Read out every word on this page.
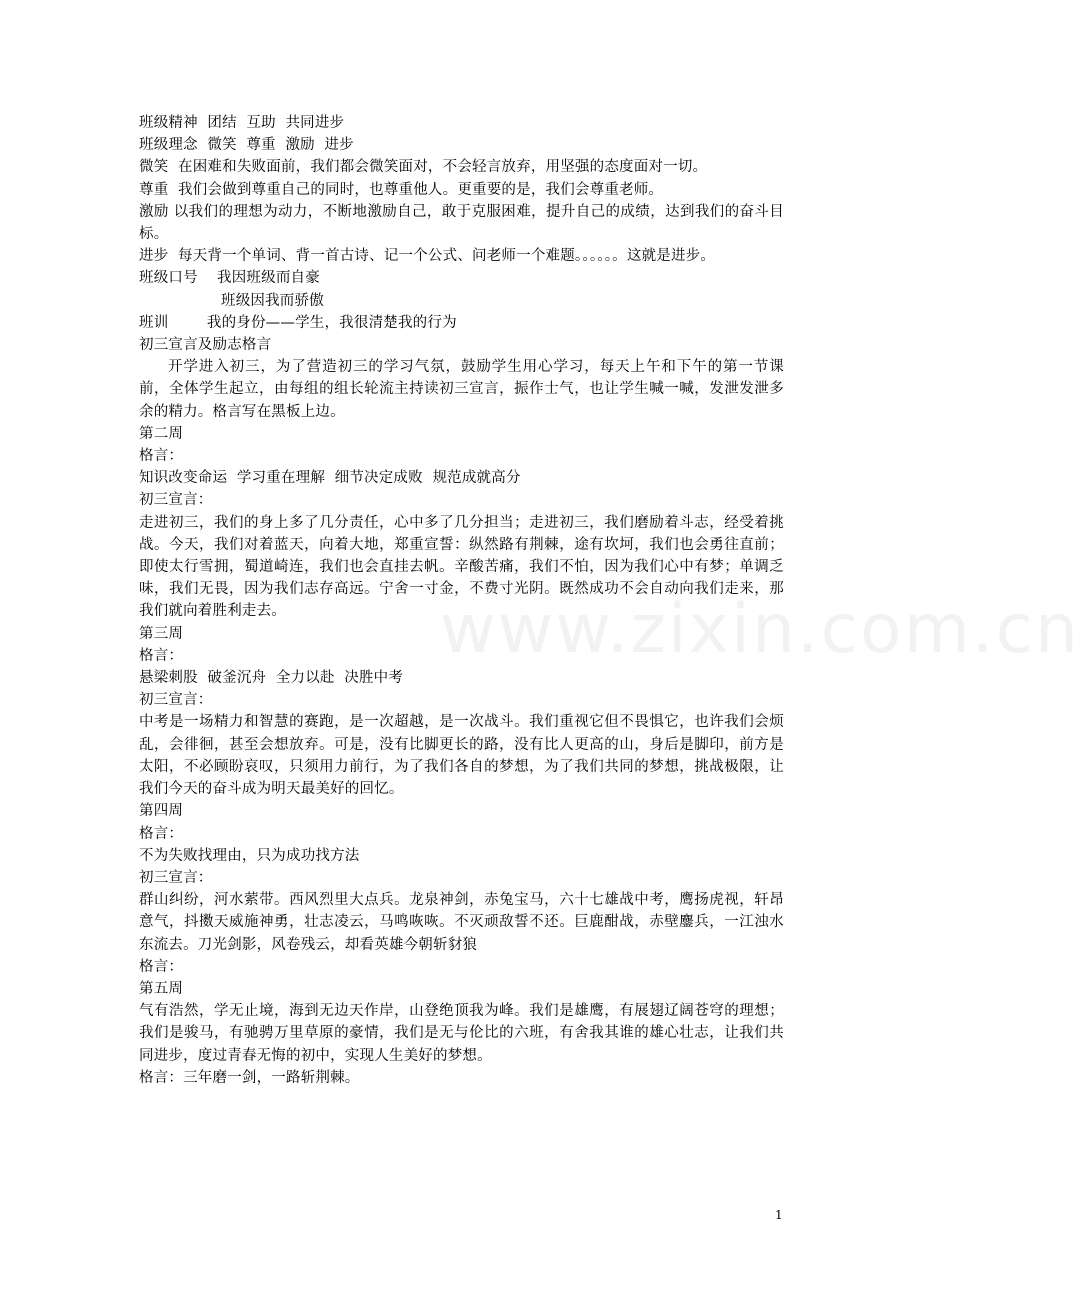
www.zixin.com.cn
班级精神  团结  互助  共同进步
班级理念  微笑  尊重  激励  进步
微笑  在困难和失败面前，我们都会微笑面对，不会轻言放弃，用坚强的态度面对一切。
尊重  我们会做到尊重自己的同时，也尊重他人。更重要的是，我们会尊重老师。
激励 以我们的理想为动力，不断地激励自己，敢于克服困难，提升自己的成绩，达到我们的奋斗目标。
进步  每天背一个单词、背一首古诗、记一个公式、问老师一个难题。。。。。。这就是进步。
班级口号    我因班级而自豪
班级因我而骄傲
班训        我的身份——学生，我很清楚我的行为
初三宣言及励志格言
开学进入初三，为了营造初三的学习气氛，鼓励学生用心学习，每天上午和下午的第一节课前，全体学生起立，由每组的组长轮流主持读初三宣言，振作士气，也让学生喊一喊，发泄发泄多余的精力。格言写在黑板上边。
第二周
格言：
知识改变命运  学习重在理解  细节决定成败  规范成就高分
初三宣言：
走进初三，我们的身上多了几分责任，心中多了几分担当；走进初三，我们磨励着斗志，经受着挑战。今天，我们对着蓝天，向着大地，郑重宣誓：纵然路有荆棘，途有坎坷，我们也会勇往直前；即使太行雪拥，蜀道崎连，我们也会直挂去帆。辛酸苦痛，我们不怕，因为我们心中有梦；单调乏味，我们无畏，因为我们志存高远。宁舍一寸金，不费寸光阴。既然成功不会自动向我们走来，那我们就向着胜利走去。
第三周
格言：
悬梁刺股  破釜沉舟  全力以赴  决胜中考
初三宣言：
中考是一场精力和智慧的赛跑，是一次超越，是一次战斗。我们重视它但不畏惧它，也许我们会烦乱，会徘徊，甚至会想放弃。可是，没有比脚更长的路，没有比人更高的山，身后是脚印，前方是太阳，不必顾盼哀叹，只须用力前行，为了我们各自的梦想，为了我们共同的梦想，挑战极限，让我们今天的奋斗成为明天最美好的回忆。
第四周
格言：
不为失败找理由，只为成功找方法
初三宣言：
群山纠纷，河水萦带。西风烈里大点兵。龙泉神剑，赤兔宝马，六十七雄战中考，鹰扬虎视，轩昂意气，抖擞天威施神勇，壮志凌云，马鸣咴咴。不灭顽敌誓不还。巨鹿酣战，赤壁鏖兵，一江浊水东流去。刀光剑影，风卷残云，却看英雄今朝斩豺狼
格言：
第五周
气有浩然，学无止境，海到无边天作岸，山登绝顶我为峰。我们是雄鹰，有展翅辽阔苍穹的理想；我们是骏马，有驰骋万里草原的豪情，我们是无与伦比的六班，有舍我其谁的雄心壮志，让我们共同进步，度过青春无悔的初中，实现人生美好的梦想。
格言：三年磨一剑，一路斩荆棘。
1
